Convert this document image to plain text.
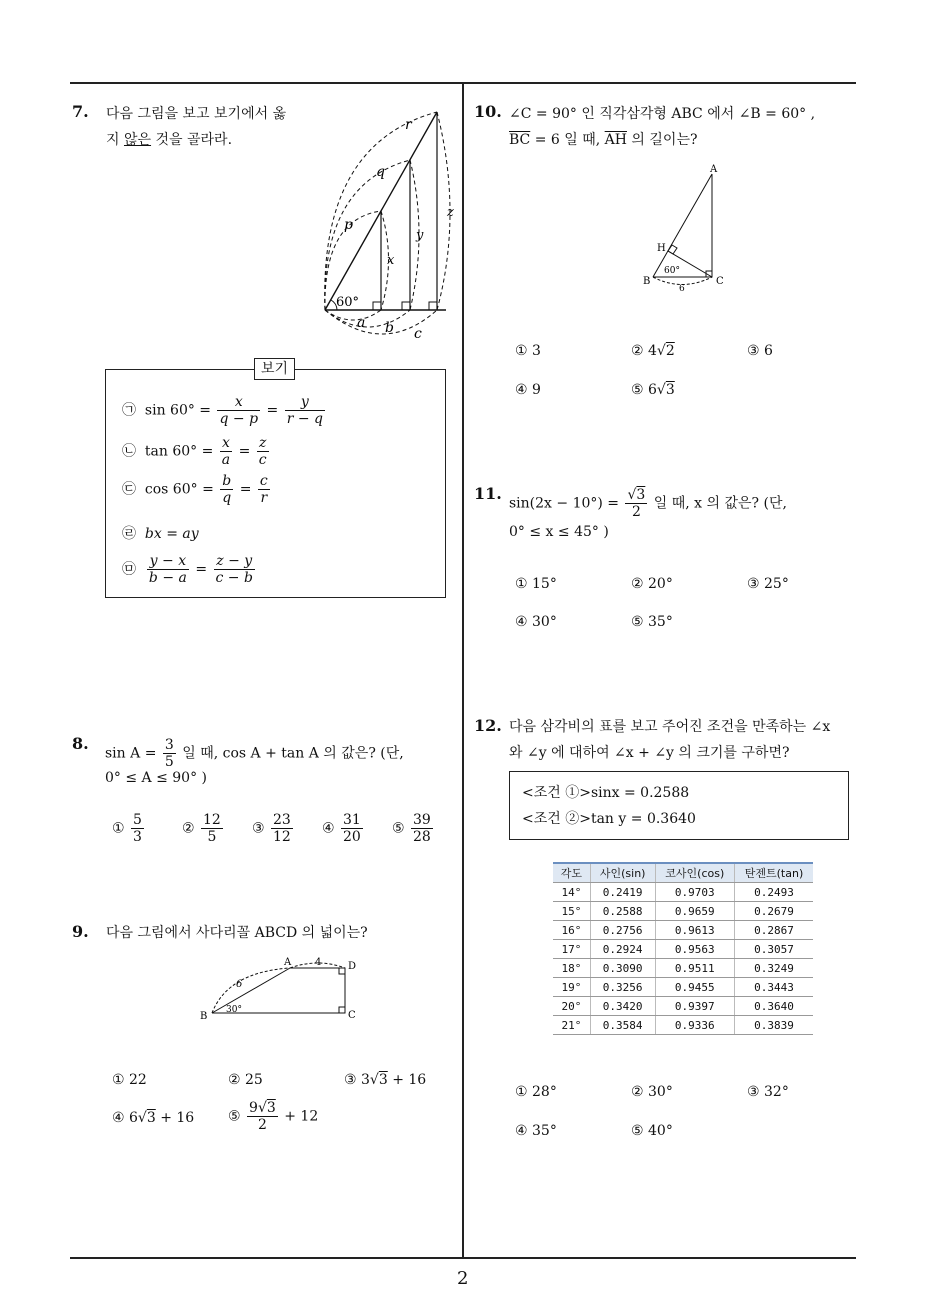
7. 다음 그림을 보고 보기에서 옳
지 않은 것을 골라라.
60°
p
q
r
x
y
z
a b c
보기
㉠ $\sin 60^\circ = \frac{x}{q - p} = \frac{y}{r - q}$
㉡ $\tan 60^\circ = \frac{x}{a} = \frac{z}{c}$
㉢ $\cos 60^\circ = \frac{b}{q} = \frac{c}{r}$
㉣ bx = ay
㉤ $\frac{y - x}{b - a} = \frac{z - y}{c - b}$
8.
$\sin A = \frac{3}{5}$ 일 때, cos A + tan A 의 값은? (단,
0° ≤ A ≤ 90° )
① $\frac{5}{3}$	② $\frac{12}{5}$ ③ $\frac{23}{12}$ ④ $\frac{31}{20}$ ⑤ $\frac{39}{28}$
9. 다음 그림에서 사다리꼴 ABCD 의 넓이는?
B
A	D
C
6
4
30°
① 22	② 25	③ 3√3 + 16
④ 6√3 + 16 ⑤ $\frac{9√3}{2} + 12$
10. ∠C = 90° 인 직각삼각형 ABC 에서 ∠B = 60° ,
$\overline{BC} = 6$ 일 때, $\overline{AH}$ 의 길이는?
A
B	C
H
60°
6
① 3	② 4√2	③ 6
④ 9	⑤ 6√3
11.
$\sin(2x - 10^\circ) = \frac{√3}{2}$ 일 때, x 의 값은? (단,
0° ≤ x ≤ 45° )
① 15°	② 20°	③ 25°
④ 30°	⑤ 35°
12. 다음 삼각비의 표를 보고 주어진 조건을 만족하는 ∠x
와 ∠y 에 대하여 ∠x + ∠y 의 크기를 구하면?
<조건 ①>sinx = 0.2588
<조건 ②>tan y = 0.3640
각도	사인(sin)	코사인(cos)	탄젠트(tan)
14°	0.2419	0.9703	0.2493
15°	0.2588	0.9659	0.2679
16°	0.2756	0.9613	0.2867
17°	0.2924	0.9563	0.3057
18°	0.3090	0.9511	0.3249
19°	0.3256	0.9455	0.3443
20°	0.3420	0.9397	0.3640
21°	0.3584	0.9336	0.3839
① 28°	② 30°	③ 32°
④ 35°	⑤ 40°
2
